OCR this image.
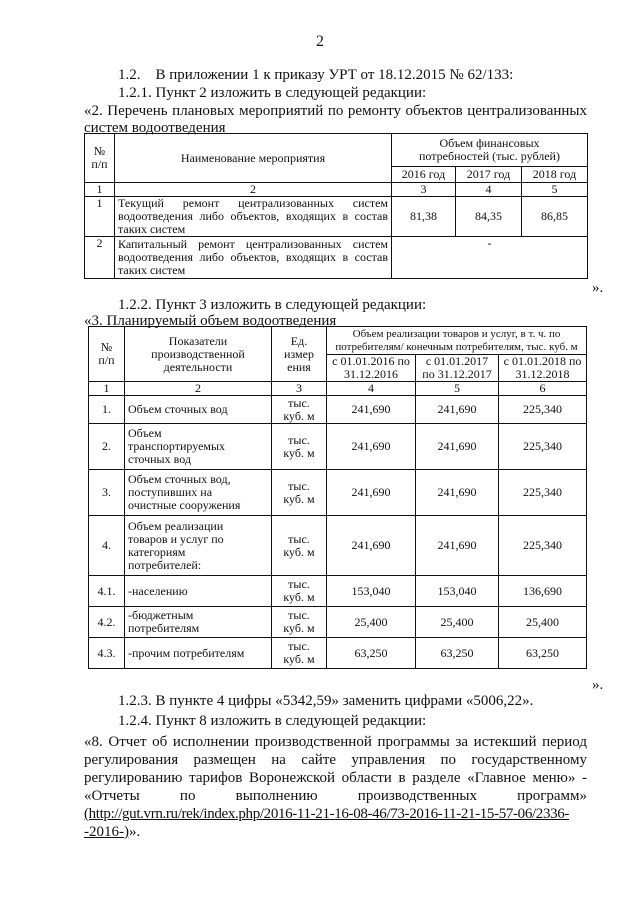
2
1.2. В приложении 1 к приказу УРТ от 18.12.2015 № 62/133:
1.2.1. Пункт 2 изложить в следующей редакции:
«2. Перечень плановых мероприятий по ремонту объектов централизованных
систем водоотведения
№
п/п	Наименование мероприятия	Объем финансовых
потребностей (тыс. рублей)		
		2016 год	2017 год	2018 год
1	2	3	4	5
1	Текущий ремонт централизованных систем водоотведения либо объектов, входящих в состав таких систем	81,38	84,35	86,85
2	Капитальный ремонт централизованных систем водоотведения либо объектов, входящих в состав таких систем	-		
».
1.2.2. Пункт 3 изложить в следующей редакции:
«3. Планируемый объем водоотведения
№
п/п	Показатели
производственной
деятельности	Ед.
измер
ения	Объем реализации товаров и услуг, в т. ч. по
потребителям/ конечным потребителям, тыс. куб. м		
			с 01.01.2016 по
31.12.2016	с 01.01.2017
по 31.12.2017	с 01.01.2018 по
31.12.2018
1	2	3	4	5	6
1.	Объем сточных вод	тыс.
куб. м	241,690	241,690	225,340
2.	Объем
транспортируемых
сточных вод	тыс.
куб. м	241,690	241,690	225,340
3.	Объем сточных вод,
поступивших на
очистные сооружения	тыс.
куб. м	241,690	241,690	225,340
4.	Объем реализации
товаров и услуг по
категориям
потребителей:	тыс.
куб. м	241,690	241,690	225,340
4.1.	-населению	тыс.
куб. м	153,040	153,040	136,690
4.2.	-бюджетным
потребителям	тыс.
куб. м	25,400	25,400	25,400
4.3.	-прочим потребителям	тыс.
куб. м	63,250	63,250	63,250
».
1.2.3. В пункте 4 цифры «5342,59» заменить цифрами «5006,22».
1.2.4. Пункт 8 изложить в следующей редакции:
«8. Отчет об исполнении производственной программы за истекший период
регулирования размещен на сайте управления по государственному
регулированию тарифов Воронежской области в разделе «Главное меню» -
«Отчеты по выполнению производственных программ»
(http://gut.vrn.ru/rek/index.php/2016-11-21-16-08-46/73-2016-11-21-15-57-06/2336-
-2016-)».
